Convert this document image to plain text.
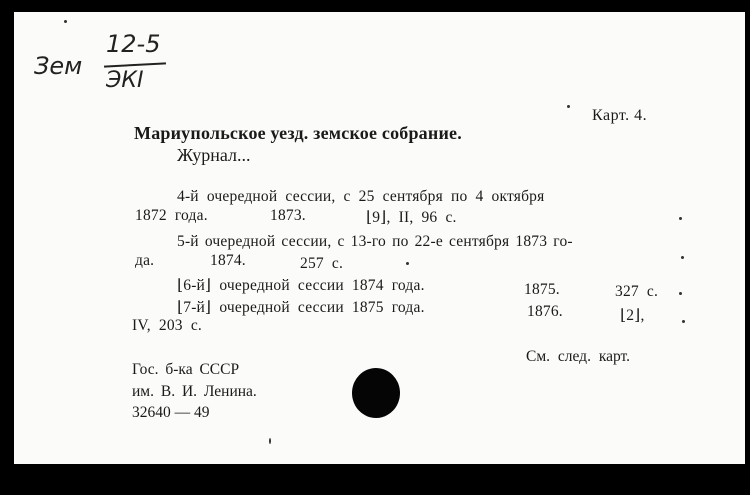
Зем
12-5
ЭКI
Карт. 4.
Мариупольское уезд. земское собрание.
Журнал...
4-й очередной сессии, с 25 сентября по 4 октября
1872 года.	1873.	⌊9⌋, II, 96 с.
5-й очередной сессии, с 13-го по 22-е сентября 1873 го-
да.	1874.	257 с.
⌊6-й⌋ очередной сессии 1874 года.	1875.	327 с.
⌊7-й⌋ очередной сессии 1875 года.	1876.	⌊2⌋,
IV, 203 с.
См. след. карт.
Гос. б-ка СССР
им. В. И. Ленина.
32640 — 49
